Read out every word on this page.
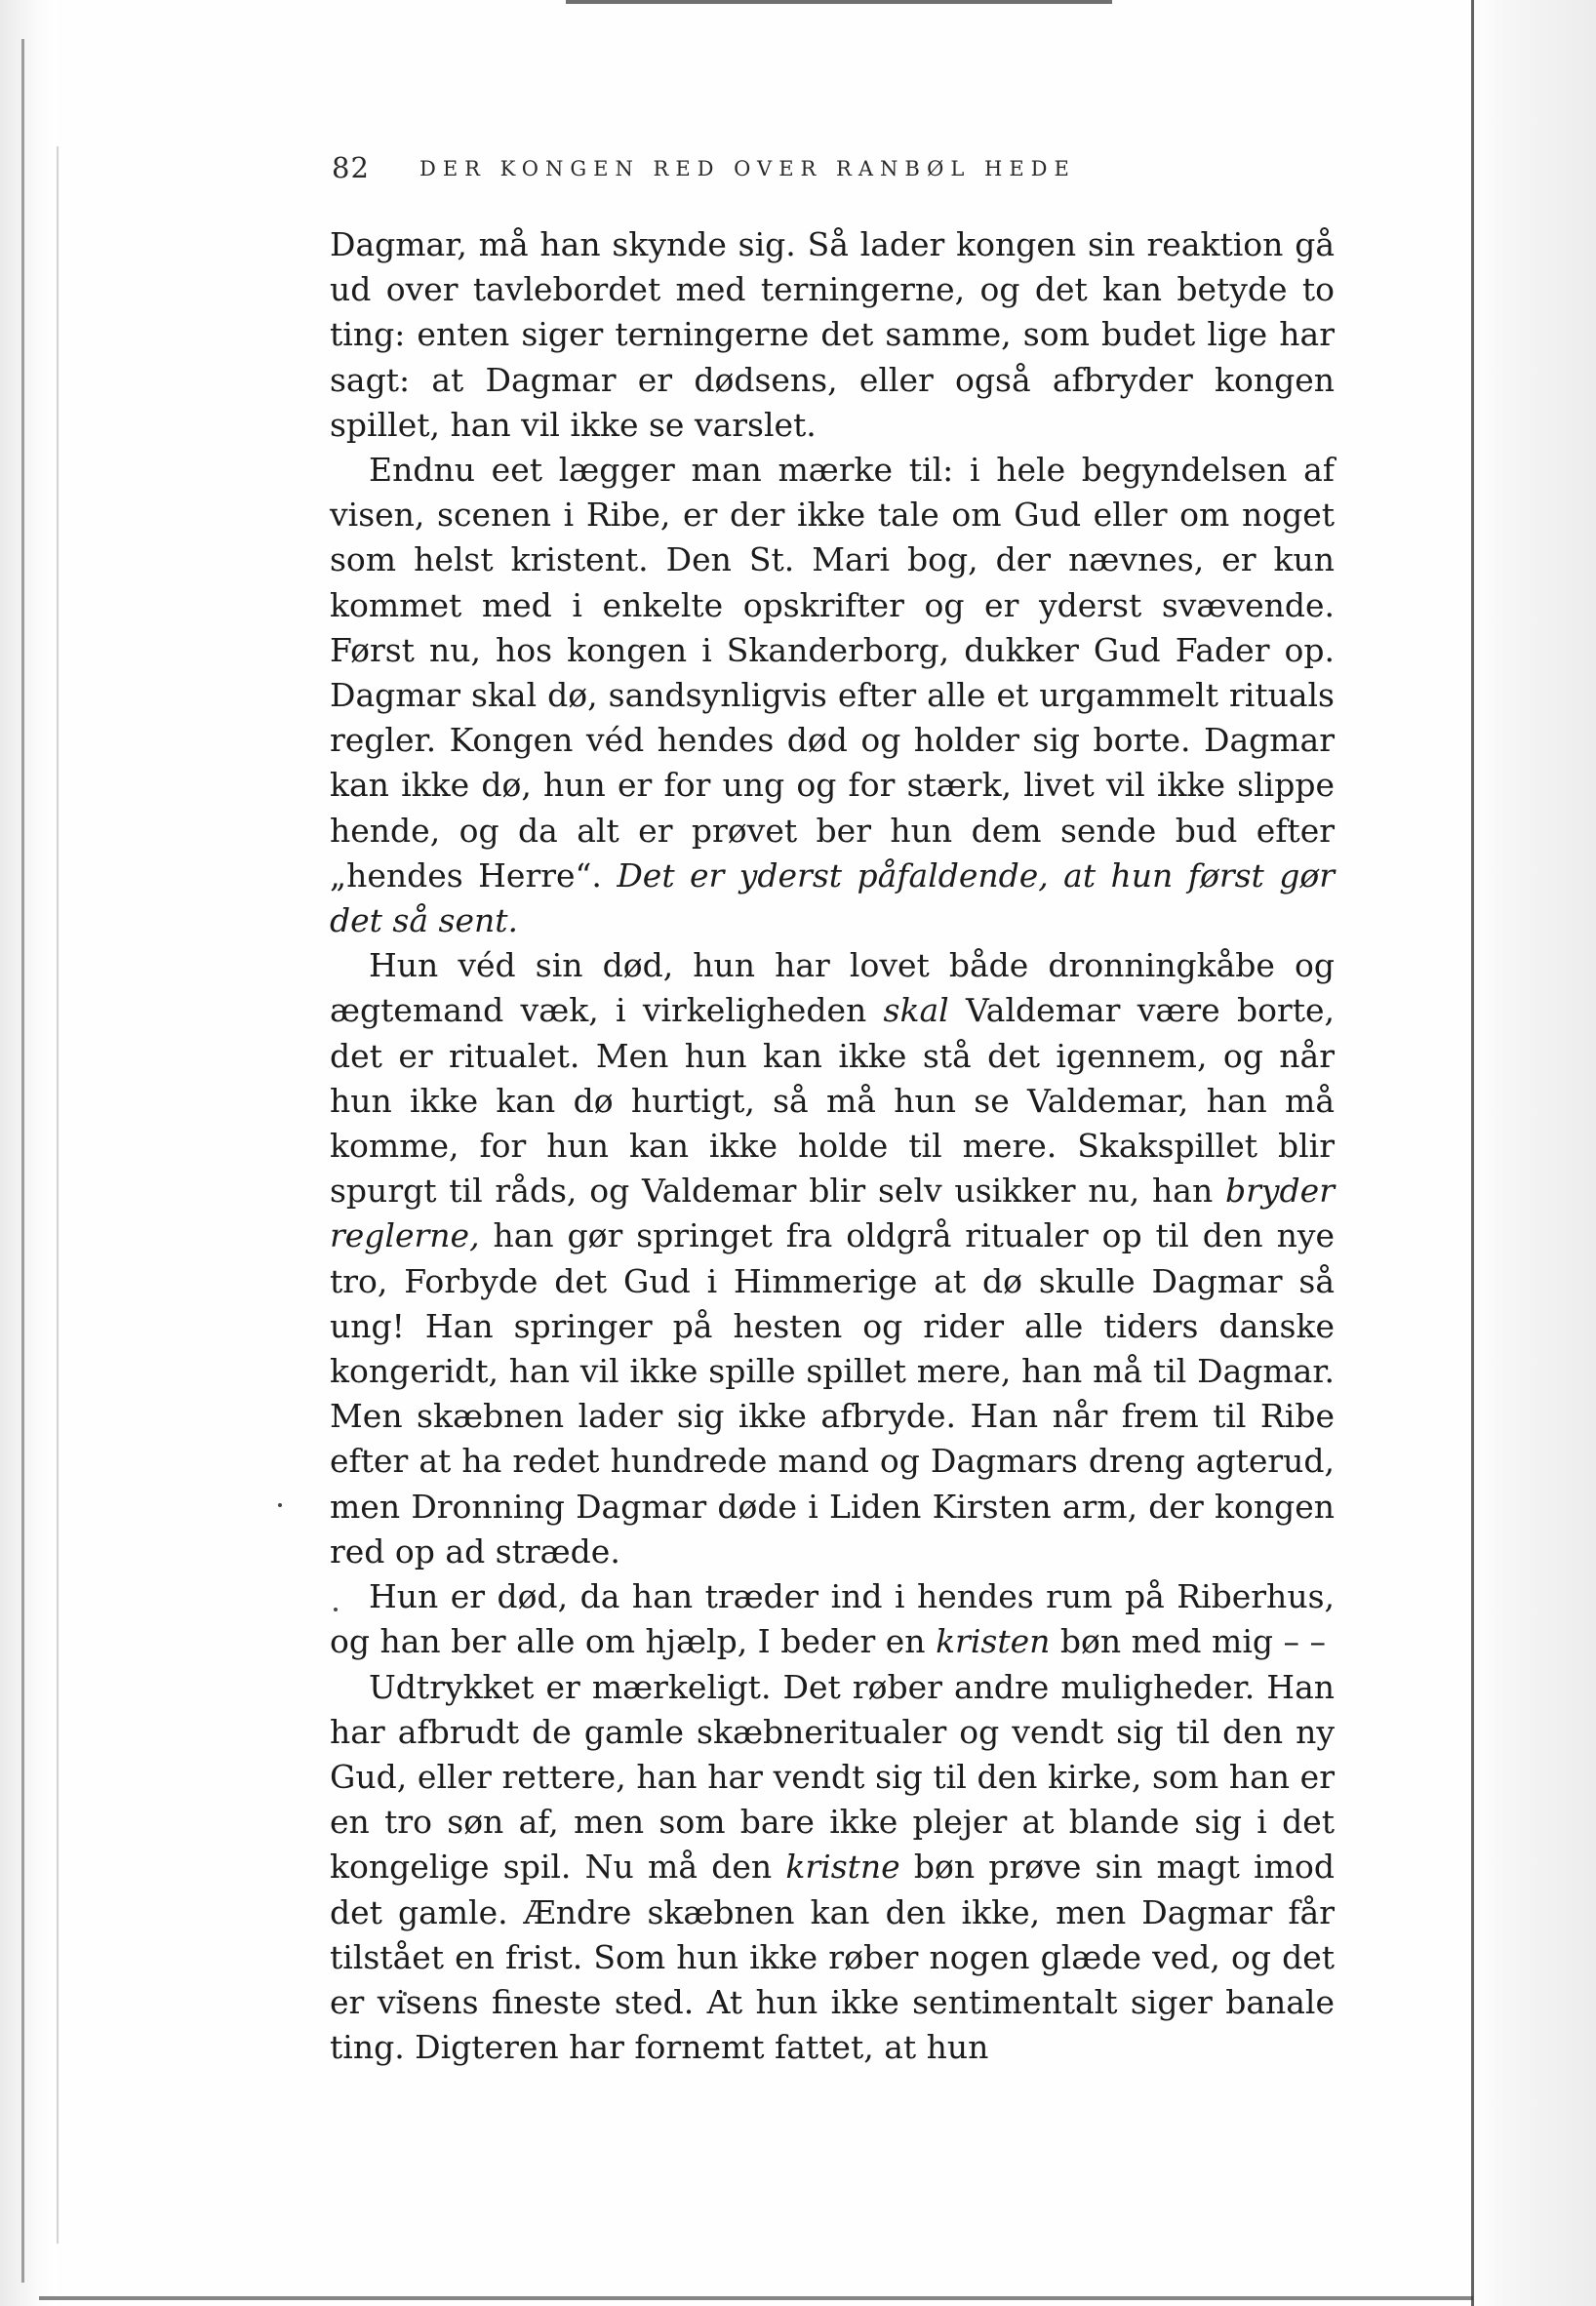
82 DER KONGEN RED OVER RANBØL HEDE

Dagmar, må han skynde sig. Så lader kongen sin reaktion gå ud over tavlebordet med terningerne, og det kan betyde to ting: enten siger terningerne det samme, som budet lige har sagt: at Dagmar er dødsens, eller også afbryder kongen spillet, han vil ikke se varslet.

Endnu eet lægger man mærke til: i hele begyndelsen af visen, scenen i Ribe, er der ikke tale om Gud eller om noget som helst kristent. Den St. Mari bog, der nævnes, er kun kommet med i enkelte opskrifter og er yderst svævende. Først nu, hos kongen i Skanderborg, dukker Gud Fader op. Dagmar skal dø, sandsynligvis efter alle et urgammelt rituals regler. Kongen véd hendes død og holder sig borte. Dagmar kan ikke dø, hun er for ung og for stærk, livet vil ikke slippe hende, og da alt er prøvet ber hun dem sende bud efter „hendes Herre“. Det er yderst påfaldende, at hun først gør det så sent.

Hun véd sin død, hun har lovet både dronningkåbe og ægtemand væk, i virkeligheden skal Valdemar være borte, det er ritualet. Men hun kan ikke stå det igennem, og når hun ikke kan dø hurtigt, så må hun se Valdemar, han må komme, for hun kan ikke holde til mere. Skakspillet blir spurgt til råds, og Valdemar blir selv usikker nu, han bryder reglerne, han gør springet fra oldgrå ritualer op til den nye tro, Forbyde det Gud i Himmerige at dø skulle Dagmar så ung! Han springer på hesten og rider alle tiders danske kongeridt, han vil ikke spille spillet mere, han må til Dagmar. Men skæbnen lader sig ikke afbryde. Han når frem til Ribe efter at ha redet hundrede mand og Dagmars dreng agterud, men Dronning Dagmar døde i Liden Kirsten arm, der kongen red op ad stræde.

Hun er død, da han træder ind i hendes rum på Riberhus, og han ber alle om hjælp, I beder en kristen bøn med mig – –

Udtrykket er mærkeligt. Det røber andre muligheder. Han har afbrudt de gamle skæbneritualer og vendt sig til den ny Gud, eller rettere, han har vendt sig til den kirke, som han er en tro søn af, men som bare ikke plejer at blande sig i det kongelige spil. Nu må den kristne bøn prøve sin magt imod det gamle. Ændre skæbnen kan den ikke, men Dagmar får tilstået en frist. Som hun ikke røber nogen glæde ved, og det er visens fineste sted. At hun ikke sentimentalt siger banale ting. Digteren har fornemt fattet, at hun
